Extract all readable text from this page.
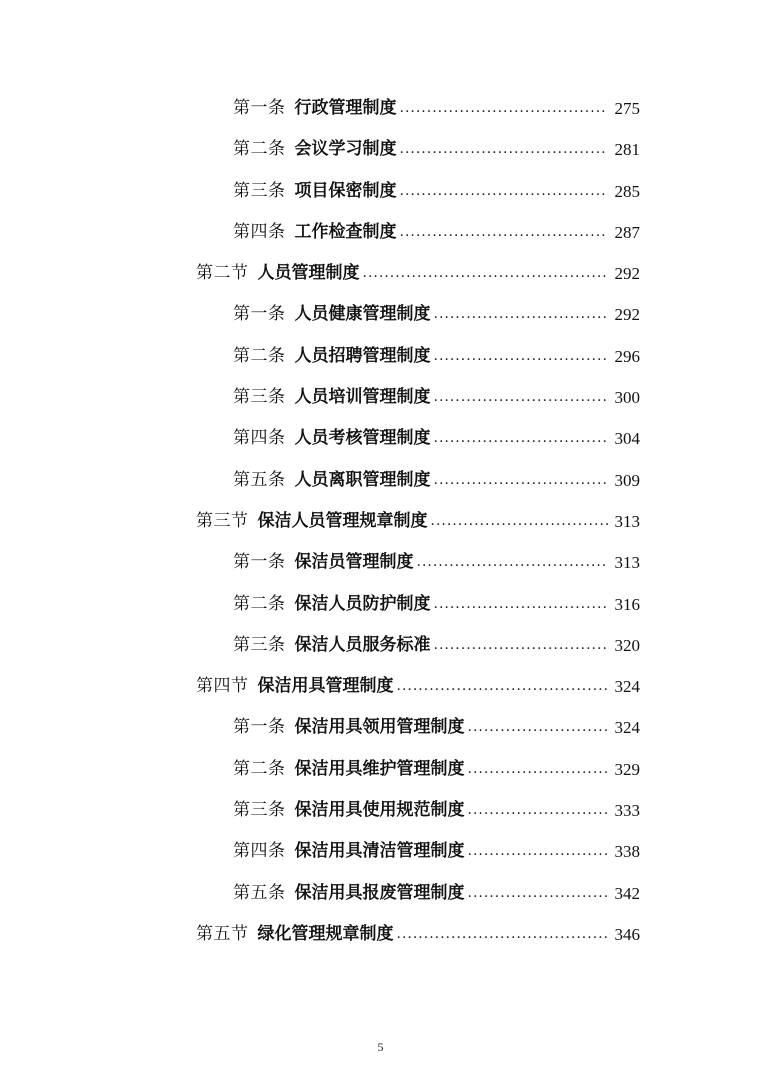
第一条 行政管理制度 .....	275
第二条 会议学习制度 .....	281
第三条 项目保密制度 .....	285
第四条 工作检查制度 .....	287
第二节 人员管理制度 .....	292
第一条 人员健康管理制度 .....	292
第二条 人员招聘管理制度 .....	296
第三条 人员培训管理制度 .....	300
第四条 人员考核管理制度 .....	304
第五条 人员离职管理制度 .....	309
第三节 保洁人员管理规章制度 .....	313
第一条 保洁员管理制度 .....	313
第二条 保洁人员防护制度 .....	316
第三条 保洁人员服务标准 .....	320
第四节 保洁用具管理制度 .....	324
第一条 保洁用具领用管理制度 .....	324
第二条 保洁用具维护管理制度 .....	329
第三条 保洁用具使用规范制度 .....	333
第四条 保洁用具清洁管理制度 .....	338
第五条 保洁用具报废管理制度 .....	342
第五节 绿化管理规章制度 .....	346
5
